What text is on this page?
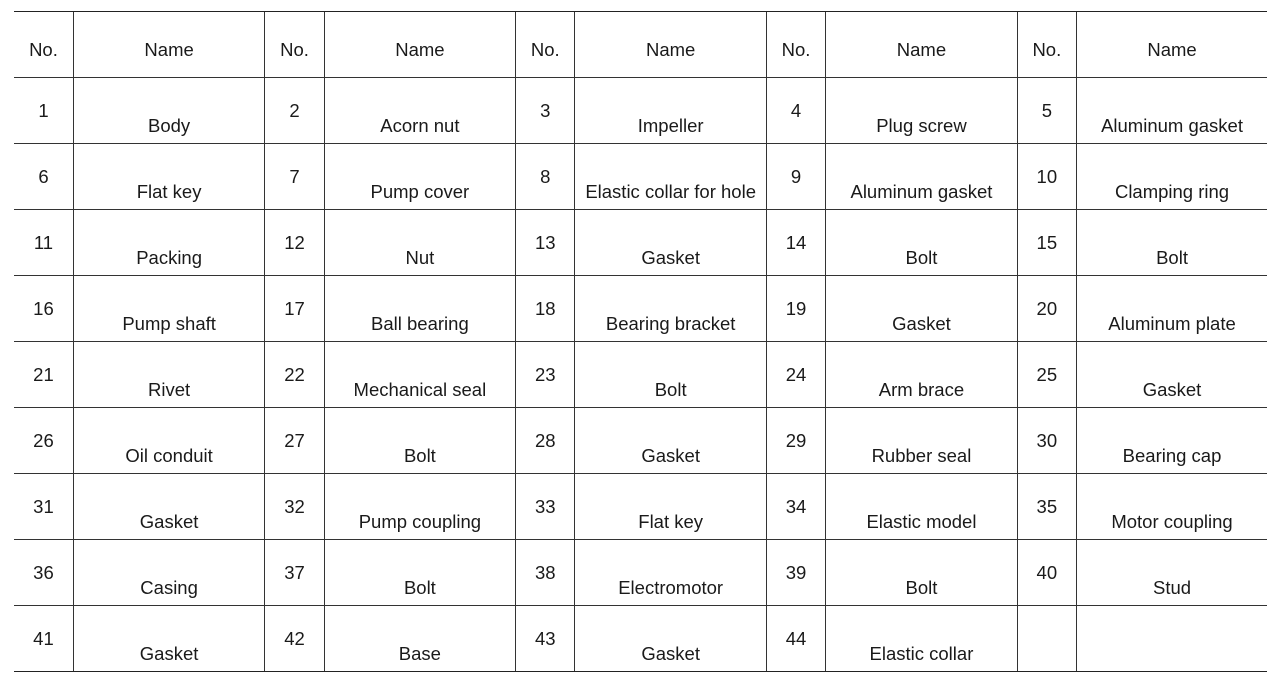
No.	Name	No.	Name	No.	Name	No.	Name	No.	Name
1	Body	2	Acorn nut	3	Impeller	4	Plug screw	5	Aluminum gasket
6	Flat key	7	Pump cover	8	Elastic collar for hole	9	Aluminum gasket	10	Clamping ring
11	Packing	12	Nut	13	Gasket	14	Bolt	15	Bolt
16	Pump shaft	17	Ball bearing	18	Bearing bracket	19	Gasket	20	Aluminum plate
21	Rivet	22	Mechanical seal	23	Bolt	24	Arm brace	25	Gasket
26	Oil conduit	27	Bolt	28	Gasket	29	Rubber seal	30	Bearing cap
31	Gasket	32	Pump coupling	33	Flat key	34	Elastic model	35	Motor coupling
36	Casing	37	Bolt	38	Electromotor	39	Bolt	40	Stud
41	Gasket	42	Base	43	Gasket	44	Elastic collar		
